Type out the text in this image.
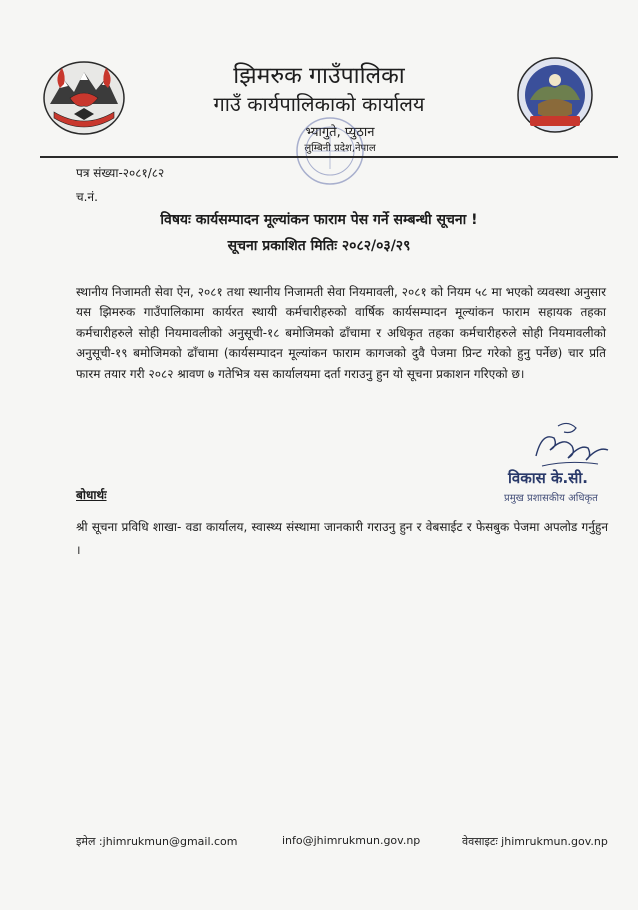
झिमरुक गाउँपालिका
गाउँ कार्यपालिकाको कार्यालय
भ्यागुते, प्युठान
लुम्बिनी प्रदेश,नेपाल
पत्र संख्या-२०८१/८२
च.नं.
विषयः कार्यसम्पादन मूल्यांकन फाराम पेस गर्ने सम्बन्धी सूचना !
सूचना प्रकाशित मितिः २०८२/०३/२९
स्थानीय निजामती सेवा ऐन, २०८१ तथा स्थानीय निजामती सेवा नियमावली, २०८१ को नियम ५८ मा भएको व्यवस्था अनुसार यस झिमरुक गाउँपालिकामा कार्यरत स्थायी कर्मचारीहरुको वार्षिक कार्यसम्पादन मूल्यांकन फाराम सहायक तहका कर्मचारीहरुले सोही नियमावलीको अनुसूची-१८ बमोजिमको ढाँचामा र अधिकृत तहका कर्मचारीहरुले सोही नियमावलीको अनुसूची-१९ बमोजिमको ढाँचामा (कार्यसम्पादन मूल्यांकन फाराम कागजको दुवै पेजमा प्रिन्ट गरेको हुनु पर्नेछ) चार प्रति फारम तयार गरी २०८२ श्रावण ७ गतेभित्र यस कार्यालयमा दर्ता गराउनु हुन यो सूचना प्रकाशन गरिएको छ।
विकास के.सी.
प्रमुख प्रशासकीय अधिकृत
बोधार्थः
श्री सूचना प्रविधि शाखा- वडा कार्यालय, स्वास्थ्य संस्थामा जानकारी गराउनु हुन र वेबसाईट र फेसबुक पेजमा अपलोड गर्नुहुन ।
इमेल :jhimrukmun@gmail.com	info@jhimrukmun.gov.np	वेवसाइटः jhimrukmun.gov.np
